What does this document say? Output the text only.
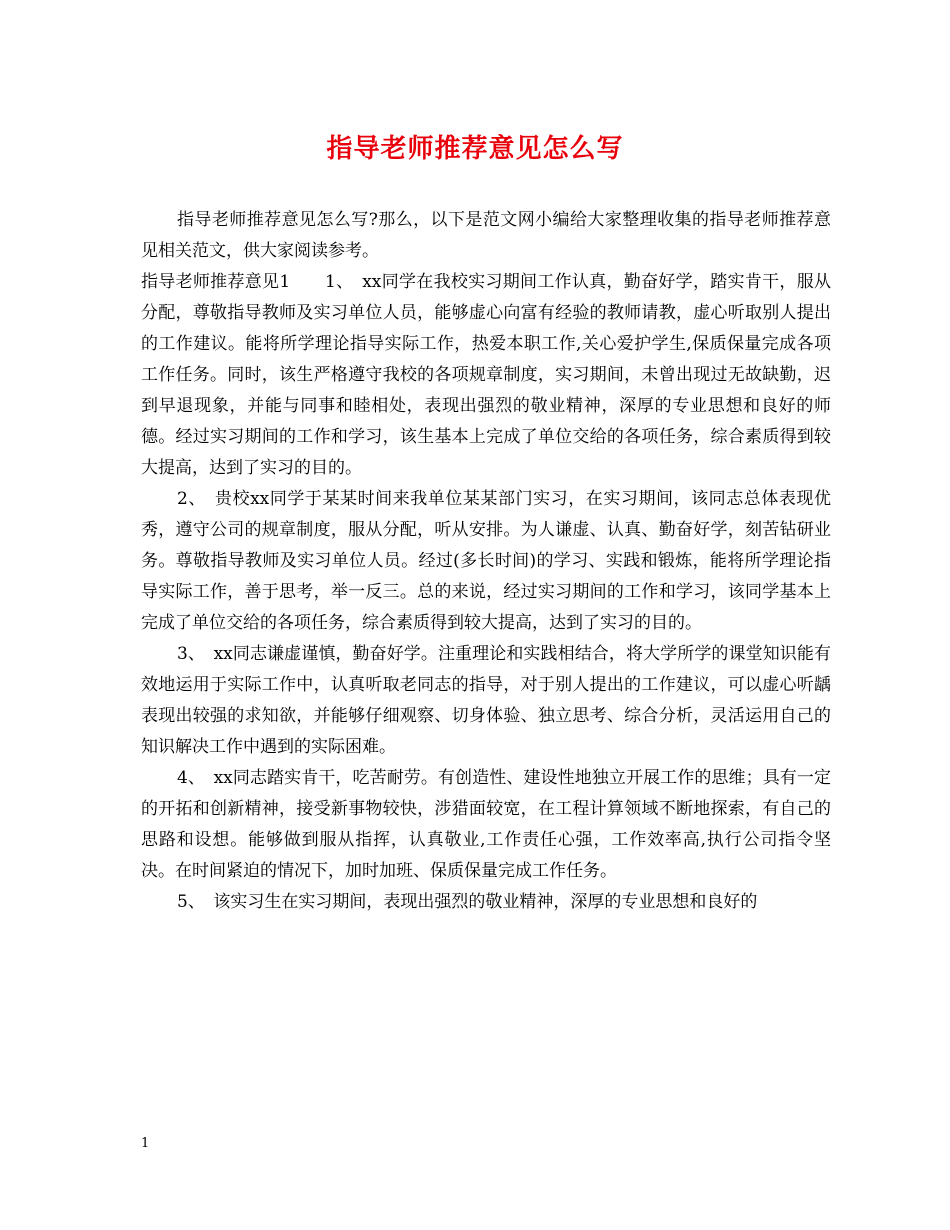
指导老师推荐意见怎么写

指导老师推荐意见怎么写?那么，以下是范文网小编给大家整理收集的指导老师推荐意见相关范文，供大家阅读参考。

指导老师推荐意见1　　1、　xx同学在我校实习期间工作认真，勤奋好学，踏实肯干，服从分配，尊敬指导教师及实习单位人员，能够虚心向富有经验的教师请教，虚心听取别人提出的工作建议。能将所学理论指导实际工作，热爱本职工作,关心爱护学生,保质保量完成各项工作任务。同时，该生严格遵守我校的各项规章制度，实习期间，未曾出现过无故缺勤，迟到早退现象，并能与同事和睦相处，表现出强烈的敬业精神，深厚的专业思想和良好的师德。经过实习期间的工作和学习，该生基本上完成了单位交给的各项任务，综合素质得到较大提高，达到了实习的目的。

2、　贵校xx同学于某某时间来我单位某某部门实习，在实习期间，该同志总体表现优秀，遵守公司的规章制度，服从分配，听从安排。为人谦虚、认真、勤奋好学，刻苦钻研业务。尊敬指导教师及实习单位人员。经过(多长时间)的学习、实践和锻炼，能将所学理论指导实际工作，善于思考，举一反三。总的来说，经过实习期间的工作和学习，该同学基本上完成了单位交给的各项任务，综合素质得到较大提高，达到了实习的目的。

3、　xx同志谦虚谨慎，勤奋好学。注重理论和实践相结合，将大学所学的课堂知识能有效地运用于实际工作中，认真听取老同志的指导，对于别人提出的工作建议，可以虚心听龋表现出较强的求知欲，并能够仔细观察、切身体验、独立思考、综合分析，灵活运用自己的知识解决工作中遇到的实际困难。

4、　xx同志踏实肯干，吃苦耐劳。有创造性、建设性地独立开展工作的思维；具有一定的开拓和创新精神，接受新事物较快，涉猎面较宽，在工程计算领域不断地探索，有自己的思路和设想。能够做到服从指挥，认真敬业,工作责任心强，工作效率高,执行公司指令坚决。在时间紧迫的情况下，加时加班、保质保量完成工作任务。

5、　该实习生在实习期间，表现出强烈的敬业精神，深厚的专业思想和良好的

1
